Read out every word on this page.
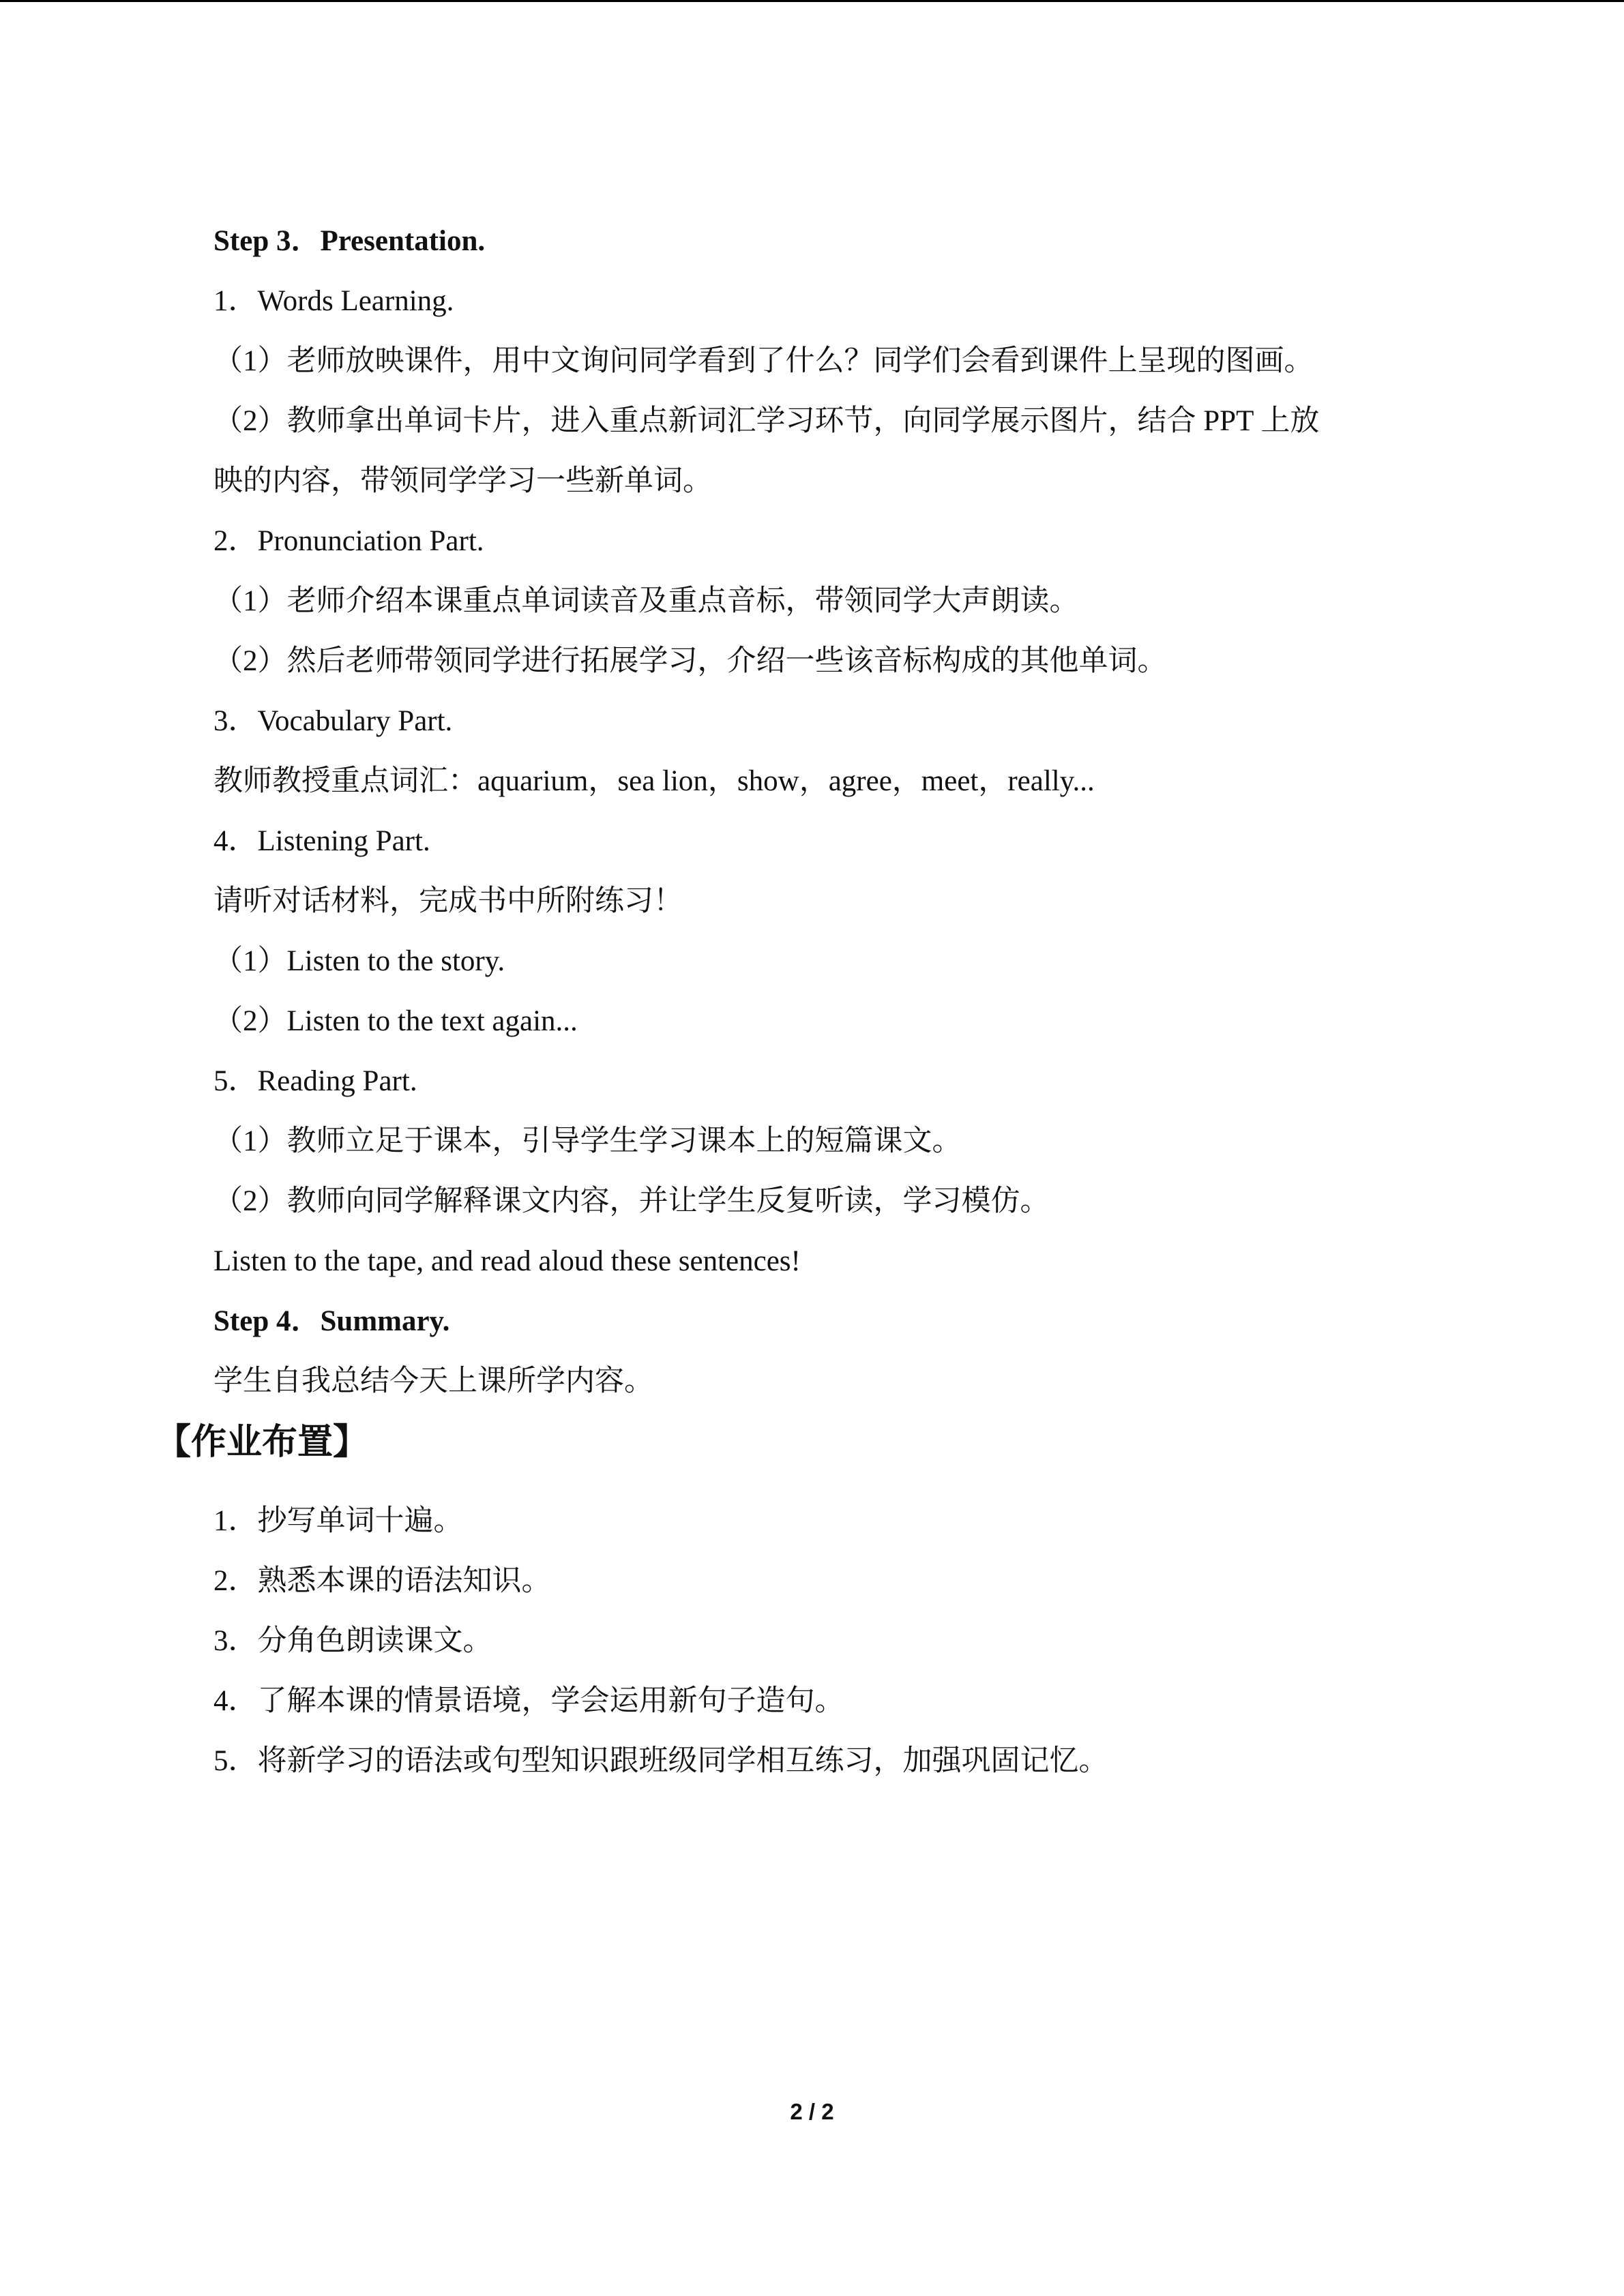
Step 3．Presentation.
1．Words Learning.
（1）老师放映课件，用中文询问同学看到了什么？同学们会看到课件上呈现的图画。
（2）教师拿出单词卡片，进入重点新词汇学习环节，向同学展示图片，结合 PPT 上放
映的内容，带领同学学习一些新单词。
2．Pronunciation Part.
（1）老师介绍本课重点单词读音及重点音标，带领同学大声朗读。
（2）然后老师带领同学进行拓展学习，介绍一些该音标构成的其他单词。
3．Vocabulary Part.
教师教授重点词汇：aquarium，sea lion，show，agree，meet，really...
4．Listening Part.
请听对话材料，完成书中所附练习！
（1）Listen to the story.
（2）Listen to the text again...
5．Reading Part.
（1）教师立足于课本，引导学生学习课本上的短篇课文。
（2）教师向同学解释课文内容，并让学生反复听读，学习模仿。
Listen to the tape, and read aloud these sentences!
Step 4．Summary.
学生自我总结今天上课所学内容。
【作业布置】
1．抄写单词十遍。
2．熟悉本课的语法知识。
3．分角色朗读课文。
4．了解本课的情景语境，学会运用新句子造句。
5．将新学习的语法或句型知识跟班级同学相互练习，加强巩固记忆。
2 / 2
